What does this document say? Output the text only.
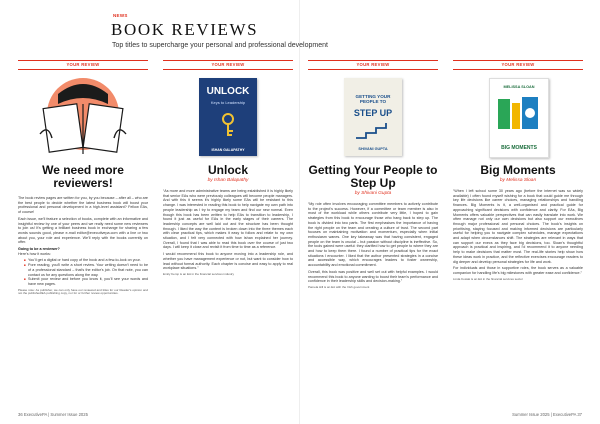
NEWS
BOOK REVIEWS
Top titles to supercharge your personal and professional development
YOUR REVIEW
We need more reviewers!

The book review pages are written for you, by you because – after all – who are the best people to decide whether the latest business book will boost your professional and personal development in a high-level assistant? Fellow EAs, of course!

Each issue, we'll feature a selection of books, complete with an informative and insightful review by one of your peers and we really need some new reviewers to join us! It's getting a brilliant business book in exchange for sharing a few words sounds good, please e-mail editor@executivepa.com with a line or two about you, your role and experience. We'll reply with the books currently on offer.

Going to be a reviewer?
Here's how it works:

■ You'll get a digital or hard copy of the book and a few-to-look on your.
■ Pore reading, you'll write a short review. Your writing doesn't need to be of a professional standard – that's the editor's job. On that note, you can contact us for any questions along the way.
■ Submit your review and before you know it, you'll see your words and have new pages.
Please note: As publisher, we can only have our reviewed and titles for our Reader's opinion and not the published/EA publishing copy, nor for or further review opportunities.
YOUR REVIEW
UNLOCK
Keys to Leadership
ISHAN GALAPATHY
Unlock
by Ishan Balapathy

“As more and more administrative teams are being established it is highly likely that senior EAs who were previously colleagues will become people managers. And with this it seems it's highly likely some EAs will be resistant to this change. I was interested in reading this book to help navigate my own path into people leadership as I try to engage my team and find our new normal. Even though this book has been written to help EAs to transition to leadership, I found it just as useful for EAs in the early stages of their careers. The leadership concepts are well laid out and the structure has been thought through. I liked the way the content is broken down into the three themes each with clear practical tips, which makes it easy to follow and relate to my own situation, and I felt very connected with how Ishan explained her journey. Overall, I found that I was able to read this book over the course of just two days. I will keep it close and revisit it from time to time as a reference.

I would recommend this book to anyone moving into a leadership role, and whether you have management experience or not, but want to consider how to lead without formal authority. Each chapter is concise and easy to apply to real workplace situations.”

Emily Kemp is an EA in the financial services industry
YOUR REVIEW
GETTING YOUR PEOPLE TO
STEP UP
SHIVANI GUPTA
Getting Your People to Step Up
by Shivani Gupta

“My role often involves encouraging committee members to actively contribute to the project's success. However, if a committee or team member is also in most of the workload while others contribute very little, I hoped to gain strategies from this book to encourage those who hang back to step up. The book is divided into two parts. The first emphasises the importance of having the right people on the team and creating a culture of trust. The second part focuses on maintaining motivation and momentum, especially when initial enthusiasm wanes. One key takeaway was that having consistent, engaged people on the team is crucial – but passion without discipline is ineffective. So, the tools gained were useful: they clarified how to get people to where they are and how to keep them there. I found a number of practical tips for the exact situations I encounter. I liked that the author presented strategies in a concise and accessible way, which encourages leaders to foster ownership, accountability and emotional commitment.

Overall, this book was positive and well set out with helpful examples. I would recommend this book to anyone wanting to boost their team's performance and confidence in their leadership skills and decision-making.”

Pamela Hill is an EA with the Irish government
YOUR REVIEW
MELISSA SLOAN
BIG MOMENTS
Big Moments
by Melissa Sloan

“When I left school some 30 years ago (before the internet was so widely available) I often found myself wishing for a book that could guide me through key life decisions like career choices, managing relationships and handling finances. Big Moments is it, a well-organised and practical guide for approaching significant decisions with confidence and clarity. For EAs, Big Moments offers valuable perspectives that can easily translate into work. We often manage not only our own decisions but also support our executives through major professional and personal choices. The book's insights on prioritising, staying focused and making informed decisions are particularly useful for helping you to navigate complex schedules, manage expectations and adapt when circumstances shift. The strategies are relevant in ways that can support our execs as they face big decisions, too. Sloan's thoughtful approach is practical and inspiring, and I'd recommend it to anyone needing help to make decisions that matter most. The real-life stories help show how these ideas work in practice, and the reflective exercises encourage readers to dig deeper and develop personal strategies for life and work.

For individuals and those in supportive roles, the book serves as a valuable companion for handling life's big milestones with greater ease and confidence.”

Linda Kosiak is an EA in the financial services sector
36 ExecutivePA | Summer Issue 2025	Summer Issue 2025 | ExecutivePA 37
